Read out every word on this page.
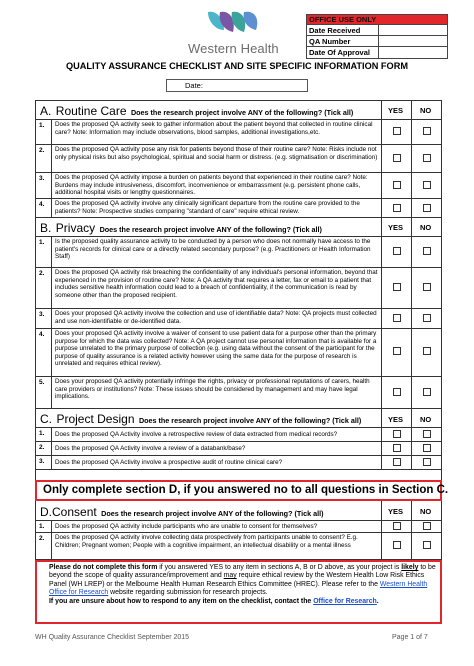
Western Health
OFFICE USE ONLY
Date Received
QA Number
Date Of Approval
QUALITY ASSURANCE CHECKLIST AND SITE SPECIFIC INFORMATION FORM
Date:
A. Routine Care Does the research project involve ANY of the following? (Tick all)	YES NO
1.	Does the proposed QA activity seek to gather information about the patient beyond that collected in routine clinical care? Note: Information may include observations, blood samples, additional investigations,etc.
2.	Does the proposed QA activity pose any risk for patients beyond those of their routine care? Note: Risks include not only physical risks but also psychological, spiritual and social harm or distress. (e.g. stigmatisation or discrimination)
3.	Does the proposed QA activity impose a burden on patients beyond that experienced in their routine care? Note: Burdens may include intrusiveness, discomfort, inconvenience or embarrassment (e.g. persistent phone calls, additional hospital visits or lengthy questionnaires.
4.	Does the proposed QA activity involve any clinically significant departure from the routine care provided to the patients? Note: Prospective studies comparing "standard of care" require ethical review.
B. Privacy Does the research project involve ANY of the following? (Tick all)	YES NO
1.	Is the proposed quality assurance activity to be conducted by a person who does not normally have access to the patient's records for clinical care or a directly related secondary purpose? (e.g. Practitioners or Health Information Staff)
2.	Does the proposed QA activity risk breaching the confidentiality of any individual's personal information, beyond that experienced in the provision of routine care? Note: A QA activity that requires a letter, fax or email to a patient that includes sensitive health information could lead to a breach of confidentiality, if the communication is read by someone other than the proposed recipient.
3.	Does your proposed QA activity involve the collection and use of identifiable data? Note: QA projects must collected and use non-identifiable or de-identified data.
4.	Does your proposed QA activity involve a waiver of consent to use patient data for a purpose other than the primary purpose for which the data was collected? Note: A QA project cannot use personal information that is available for a purpose unrelated to the primary purpose of collection (e.g. using data without the consent of the participant for the purpose of quality assurance is a related activity however using the same data for the purpose of research is unrelated and requires ethical review).
5.	Does your proposed QA activity potentially infringe the rights, privacy or professional reputations of carers, health care providers or institutions? Note: These issues should be considered by management and may have legal implications.
C. Project Design Does the research project involve ANY of the following? (Tick all)	YES NO
1.	Does the proposed QA Activity involve a retrospective review of data extracted from medical records?
2.	Does the proposed QA Activity involve a review of a databank/base?
3.	Does the proposed QA Activity involve a prospective audit of routine clinical care?
D.Consent Does the research project involve ANY of the following? (Tick all)	YES NO
1.	Does the proposed QA activity include participants who are unable to consent for themselves?
2.	Does the proposed QA activity involve collecting data prospectively from participants unable to consent? E.g. Children; Pregnant women; People with a cognitive impairment, an intellectual disability or a mental illness
Only complete section D, if you answered no to all questions in Section C.
Please do not complete this form if you answered YES to any item in sections A, B or D above, as your project is likely to be beyond the scope of quality assurance/improvement and may require ethical review by the Western Health Low Risk Ethics Panel (WH LREP) or the Melbourne Health Human Research Ethics Committee (HREC). Please refer to the Western Health Office for Research website regarding submission for research projects.
If you are unsure about how to respond to any item on the checklist, contact the Office for Research.
WH Quality Assurance Checklist September 2015	Page 1 of 7
